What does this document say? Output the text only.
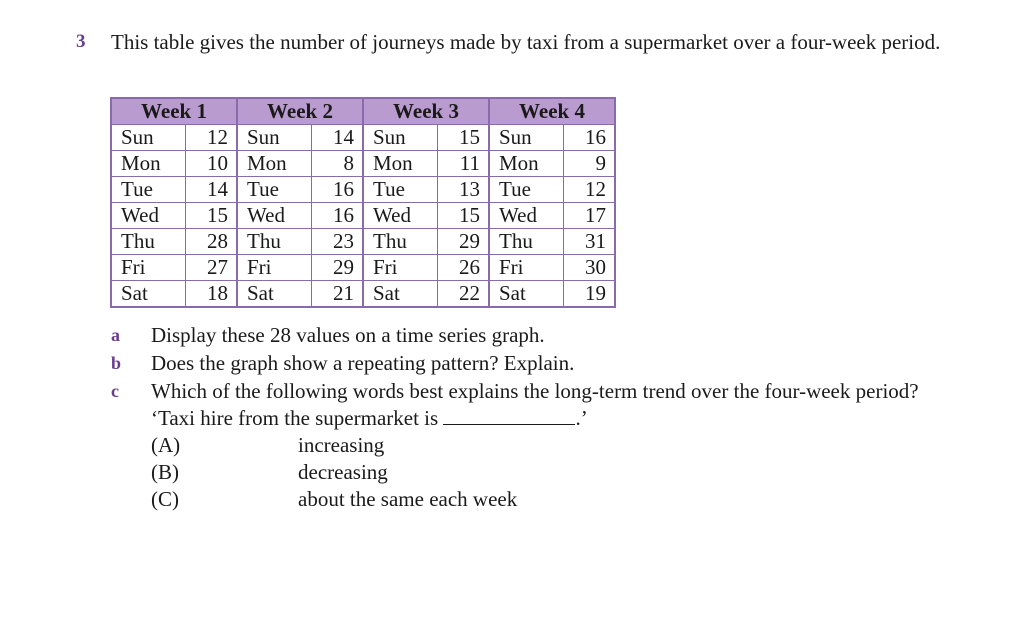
3 This table gives the number of journeys made by taxi from a supermarket over a four-week period.
Week 1		Week 2		Week 3		Week 4	
Sun	12	Sun	14	Sun	15	Sun	16
Mon	10	Mon	8	Mon	11	Mon	9
Tue	14	Tue	16	Tue	13	Tue	12
Wed	15	Wed	16	Wed	15	Wed	17
Thu	28	Thu	23	Thu	29	Thu	31
Fri	27	Fri	29	Fri	26	Fri	30
Sat	18	Sat	21	Sat	22	Sat	19
a Display these 28 values on a time series graph.
b Does the graph show a repeating pattern? Explain.
c Which of the following words best explains the long-term trend over the four-week period?
‘Taxi hire from the supermarket is	.’
(A)	increasing
(B)	decreasing
(C)	about the same each week
